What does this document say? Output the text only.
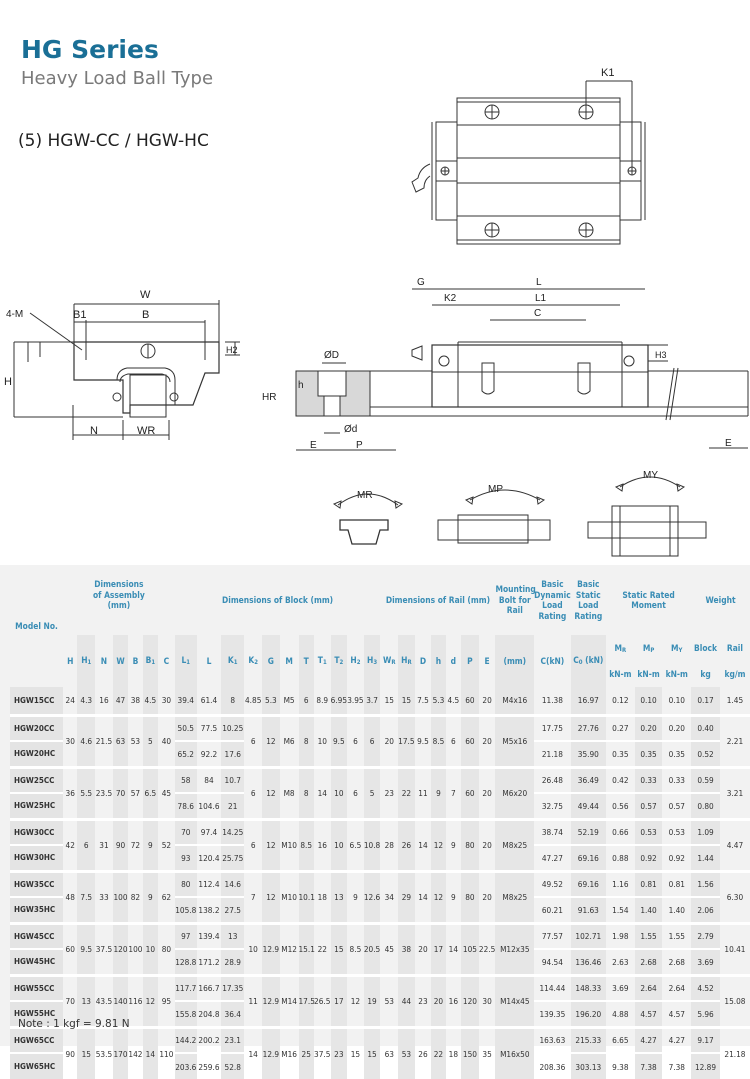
HG Series
Heavy Load Ball Type
(5) HGW-CC / HGW-HC
K1
W
B1	B
4-M
H
N	WR
H2
G	L
K2	L1
C
H3
ØD
h
HR
Ød
E	P	E
MR
MP
MY
Model No.	Dimensions of Assembly (mm)							Dimensions of Block (mm)											Dimensions of Rail (mm)							Mounting Bolt for Rail	Basic Dynamic Load Rating	Basic Static Load Rating	Static Rated Moment			Weight	
	H	$H_1$	N	W	B	$B_1$	C	$L_1$	L	$K_1$	$K_2$	G	M	T	$T_1$	$T_2$	$H_2$	$H_3$	$W_R$	$H_R$	D	h	d	P	E	(mm)	C(kN)	$C_0$ (kN)	$M_R$	$M_P$	$M_Y$	Block	Rail
																													kN-m	kN-m	kN-m	kg	kg/m
HGW15CC	24	4.3	16	47	38	4.5	30	39.4	61.4	8	4.85	5.3	M5	6	8.9	6.95	3.95	3.7	15	15	7.5	5.3	4.5	60	20	M4x16	11.38	16.97	0.12	0.10	0.10	0.17	1.45
HGW20CC	30	4.6	21.5	63	53	5	40	50.5	77.5	10.25	6	12	M6	8	10	9.5	6	6	20	17.5	9.5	8.5	6	60	20	M5x16	17.75	27.76	0.27	0.20	0.20	0.40	2.21
HGW20HC								65.2	92.2	17.6																	21.18	35.90	0.35	0.35	0.35	0.52	
HGW25CC	36	5.5	23.5	70	57	6.5	45	58	84	10.7	6	12	M8	8	14	10	6	5	23	22	11	9	7	60	20	M6x20	26.48	36.49	0.42	0.33	0.33	0.59	3.21
HGW25HC								78.6	104.6	21																	32.75	49.44	0.56	0.57	0.57	0.80	
HGW30CC	42	6	31	90	72	9	52	70	97.4	14.25	6	12	M10	8.5	16	10	6.5	10.8	28	26	14	12	9	80	20	M8x25	38.74	52.19	0.66	0.53	0.53	1.09	4.47
HGW30HC								93	120.4	25.75																	47.27	69.16	0.88	0.92	0.92	1.44	
HGW35CC	48	7.5	33	100	82	9	62	80	112.4	14.6	7	12	M10	10.1	18	13	9	12.6	34	29	14	12	9	80	20	M8x25	49.52	69.16	1.16	0.81	0.81	1.56	6.30
HGW35HC								105.8	138.2	27.5																	60.21	91.63	1.54	1.40	1.40	2.06	
HGW45CC	60	9.5	37.5	120	100	10	80	97	139.4	13	10	12.9	M12	15.1	22	15	8.5	20.5	45	38	20	17	14	105	22.5	M12x35	77.57	102.71	1.98	1.55	1.55	2.79	10.41
HGW45HC								128.8	171.2	28.9																	94.54	136.46	2.63	2.68	2.68	3.69	
HGW55CC	70	13	43.5	140	116	12	95	117.7	166.7	17.35	11	12.9	M14	17.5	26.5	17	12	19	53	44	23	20	16	120	30	M14x45	114.44	148.33	3.69	2.64	2.64	4.52	15.08
HGW55HC								155.8	204.8	36.4																	139.35	196.20	4.88	4.57	4.57	5.96	
HGW65CC	90	15	53.5	170	142	14	110	144.2	200.2	23.1	14	12.9	M16	25	37.5	23	15	15	63	53	26	22	18	150	35	M16x50	163.63	215.33	6.65	4.27	4.27	9.17	21.18
HGW65HC								203.6	259.6	52.8																	208.36	303.13	9.38	7.38	7.38	12.89	
Note : 1 kgf = 9.81 N
